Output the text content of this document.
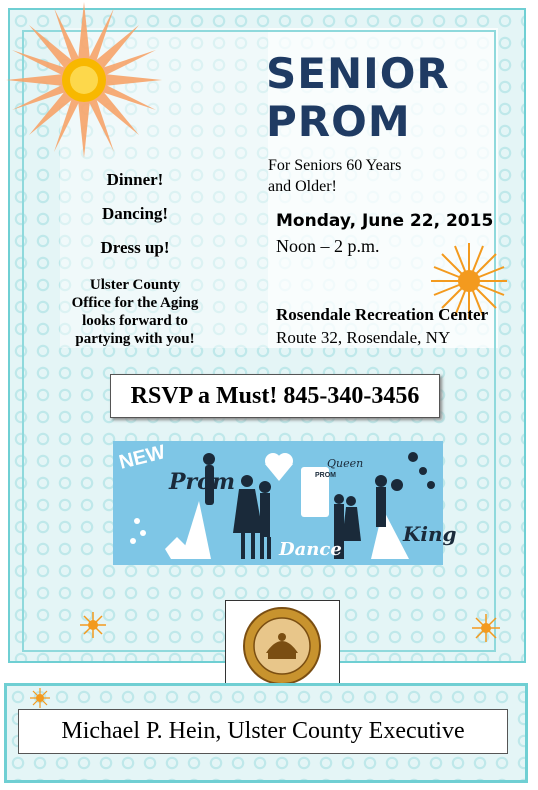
SENIOR
PROM
For Seniors 60 Years
and Older!
Monday, June 22, 2015
Noon – 2 p.m.
Rosendale Recreation Center
Route 32, Rosendale, NY
Dinner!
Dancing!
Dress up!
Ulster County
Office for the Aging
looks forward to
partying with you!
RSVP a Must! 845-340-3456
NEW
Prom	PROM
Queen
Dance
King
Michael P. Hein, Ulster County Executive
